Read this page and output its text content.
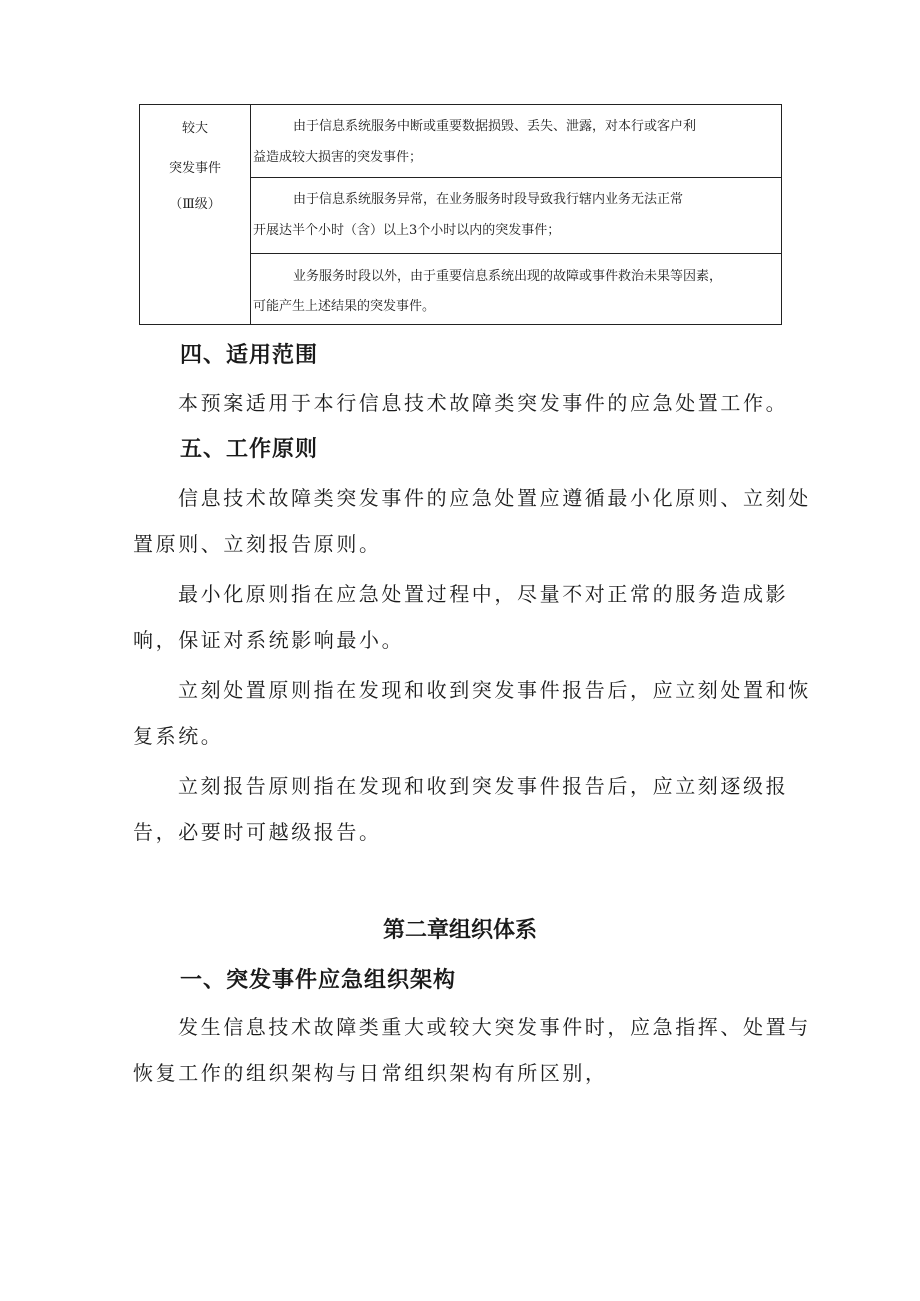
较大
突发事件
（Ⅲ级）
由于信息系统服务中断或重要数据损毁、丢失、泄露，对本行或客户利
益造成较大损害的突发事件；
由于信息系统服务异常，在业务服务时段导致我行辖内业务无法正常
开展达半个小时（含）以上3个小时以内的突发事件；
业务服务时段以外，由于重要信息系统出现的故障或事件救治未果等因素，
可能产生上述结果的突发事件。
四、适用范围
本预案适用于本行信息技术故障类突发事件的应急处置工作。
五、工作原则
信息技术故障类突发事件的应急处置应遵循最小化原则、立刻处置原则、立刻报告原则。
最小化原则指在应急处置过程中，尽量不对正常的服务造成影响，保证对系统影响最小。
立刻处置原则指在发现和收到突发事件报告后，应立刻处置和恢复系统。
立刻报告原则指在发现和收到突发事件报告后，应立刻逐级报告，必要时可越级报告。
第二章组织体系
一、突发事件应急组织架构
发生信息技术故障类重大或较大突发事件时，应急指挥、处置与恢复工作的组织架构与日常组织架构有所区别，
